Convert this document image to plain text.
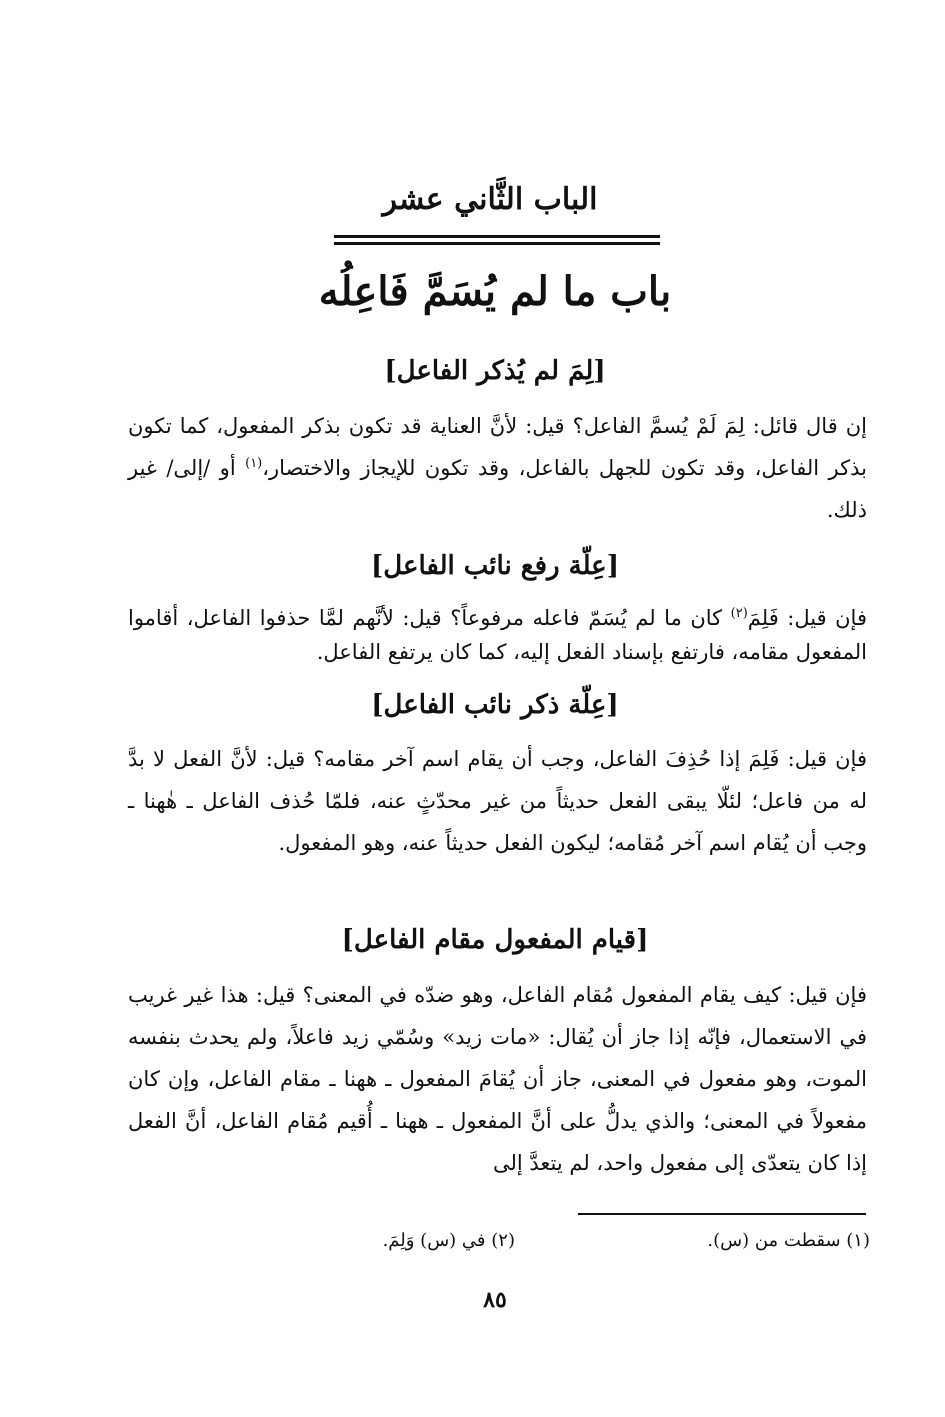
الباب الثَّاني عشر
باب ما لم يُسَمَّ فَاعِلُه
[لِمَ لم يُذكر الفاعل]

إن قال قائل: لِمَ لَمْ يُسمَّ الفاعل؟ قيل: لأنَّ العناية قد تكون بذكر المفعول، كما تكون بذكر الفاعل، وقد تكون للجهل بالفاعل، وقد تكون للإيجاز والاختصار،$^{(١)}$ أو /إلى/ غير ذلك.

[عِلّة رفع نائب الفاعل]

فإن قيل: فَلِمَ$^{(٢)}$ كان ما لم يُسَمّ فاعله مرفوعاً؟ قيل: لأنَّهم لمَّا حذفوا الفاعل، أقاموا المفعول مقامه، فارتفع بإسناد الفعل إليه، كما كان يرتفع الفاعل.

[عِلّة ذكر نائب الفاعل]

فإن قيل: فَلِمَ إذا حُذِفَ الفاعل، وجب أن يقام اسم آخر مقامه؟ قيل: لأنَّ الفعل لا بدَّ له من فاعل؛ لئلّا يبقى الفعل حديثاً من غير محدّثٍ عنه، فلمّا حُذف الفاعل ـ هٰهنا ـ وجب أن يُقام اسم آخر مُقامه؛ ليكون الفعل حديثاً عنه، وهو المفعول.

[قيام المفعول مقام الفاعل]

فإن قيل: كيف يقام المفعول مُقام الفاعل، وهو ضدّه في المعنى؟ قيل: هذا غير غريب في الاستعمال، فإنّه إذا جاز أن يُقال: «مات زيد» وسُمّي زيد فاعلاً، ولم يحدث بنفسه الموت، وهو مفعول في المعنى، جاز أن يُقامَ المفعول ـ ههنا ـ مقام الفاعل، وإن كان مفعولاً في المعنى؛ والذي يدلُّ على أنَّ المفعول ـ ههنا ـ أُقيم مُقام الفاعل، أنَّ الفعل إذا كان يتعدّى إلى مفعول واحد، لم يتعدَّ إلى

(١) سقطت من (س).
(٢) في (س) وَلِمَ.
٨٥
